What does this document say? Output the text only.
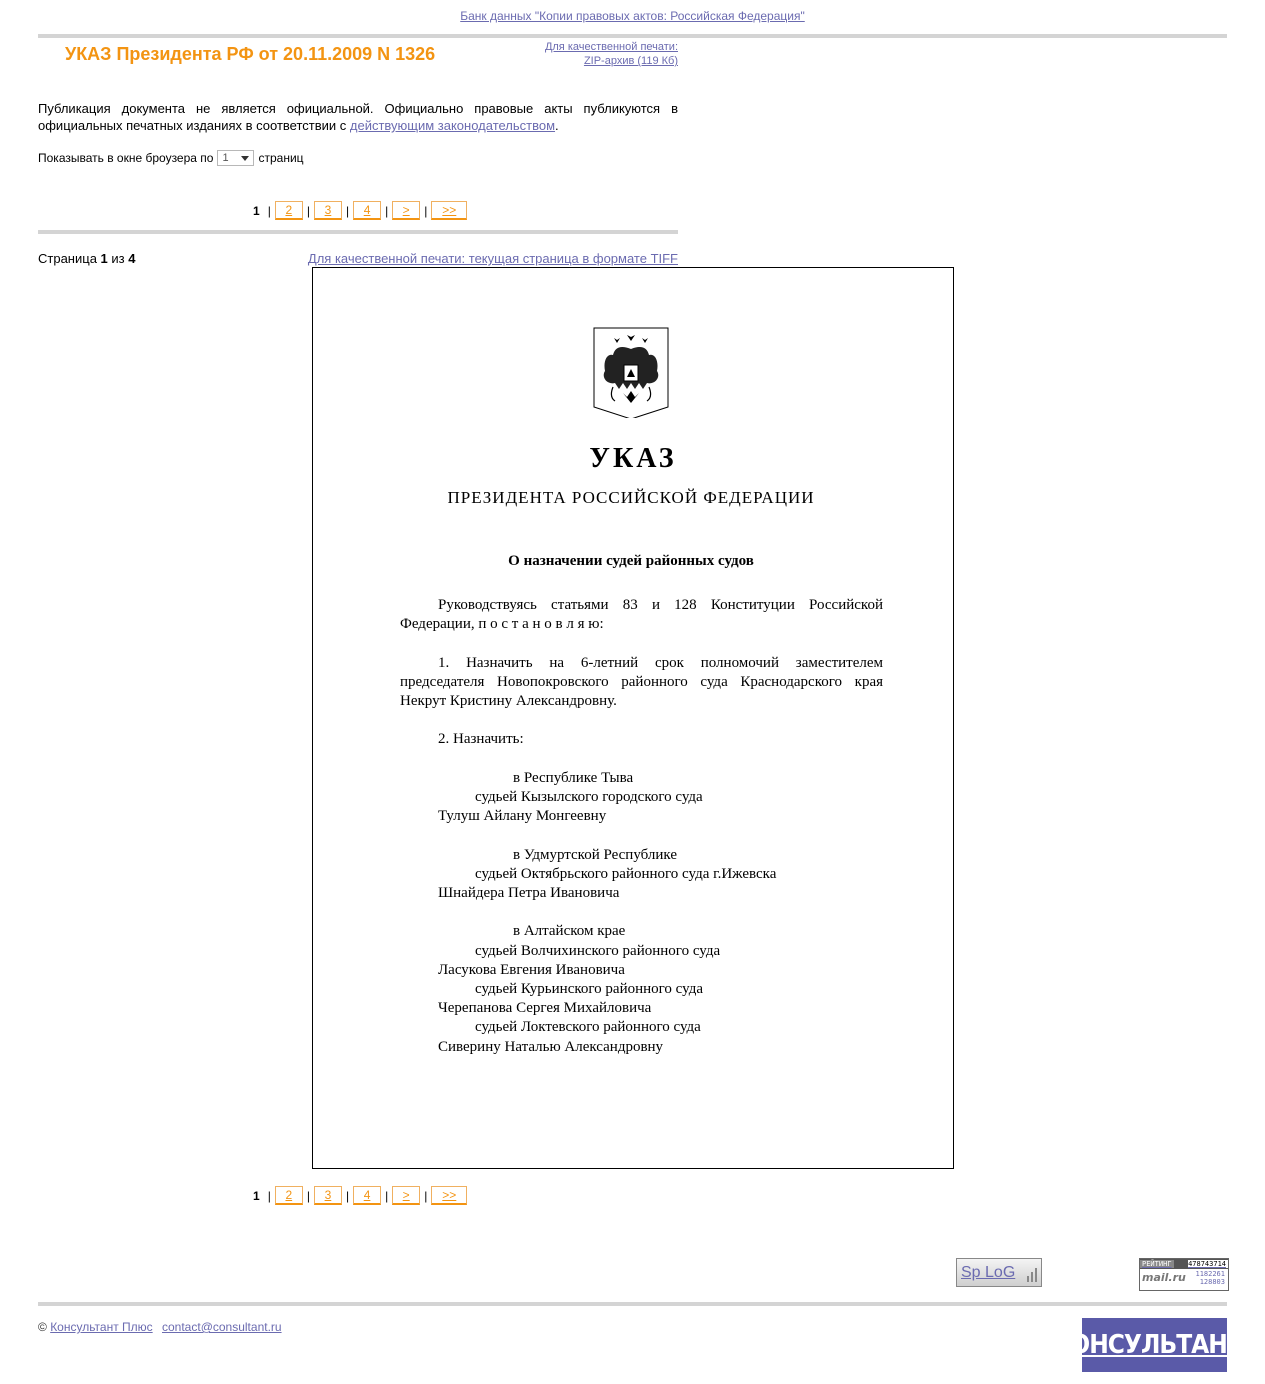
Банк данных "Копии правовых актов: Российская Федерация"
УКАЗ Президента РФ от 20.11.2009 N 1326	Для качественной печати:
ZIP-архив (119 Кб)
Публикация документа не является официальной. Официально правовые акты публикуются в официальных печатных изданиях в соответствии с действующим законодательством.
Показывать в окне броузера по 1 страниц
1 |	2	|	3	|	4	|	>	|	>>
Страница 1 из 4	Для качественной печати: текущая страница в формате TIFF
УКАЗ
ПРЕЗИДЕНТА РОССИЙСКОЙ ФЕДЕРАЦИИ
О назначении судей районных судов

Руководствуясь статьями 83 и 128 Конституции Российской Федерации, п о с т а н о в л я ю:

1. Назначить на 6-летний срок полномочий заместителем председателя Новопокровского районного суда Краснодарского края Некрут Кристину Александровну.

2. Назначить:

в Республике Тыва

судьей Кызылского городского суда

Тулуш Айлану Монгеевну

в Удмуртской Республике

судьей Октябрьского районного суда г.Ижевска

Шнайдера Петра Ивановича

в Алтайском крае

судьей Волчихинского районного суда

Ласукова Евгения Ивановича

судьей Курьинского районного суда

Черепанова Сергея Михайловича

судьей Локтевского районного суда

Сиверину Наталью Александровну

1 |	2	|	3	|	4	|	>	|	>>
Sp LoG	РЕЙТИНГ 478743714
mail.ru 1182261
128803
© Консультант Плюс contact@consultant.ru
КОНСУЛЬТАНТ ПЛЮС
